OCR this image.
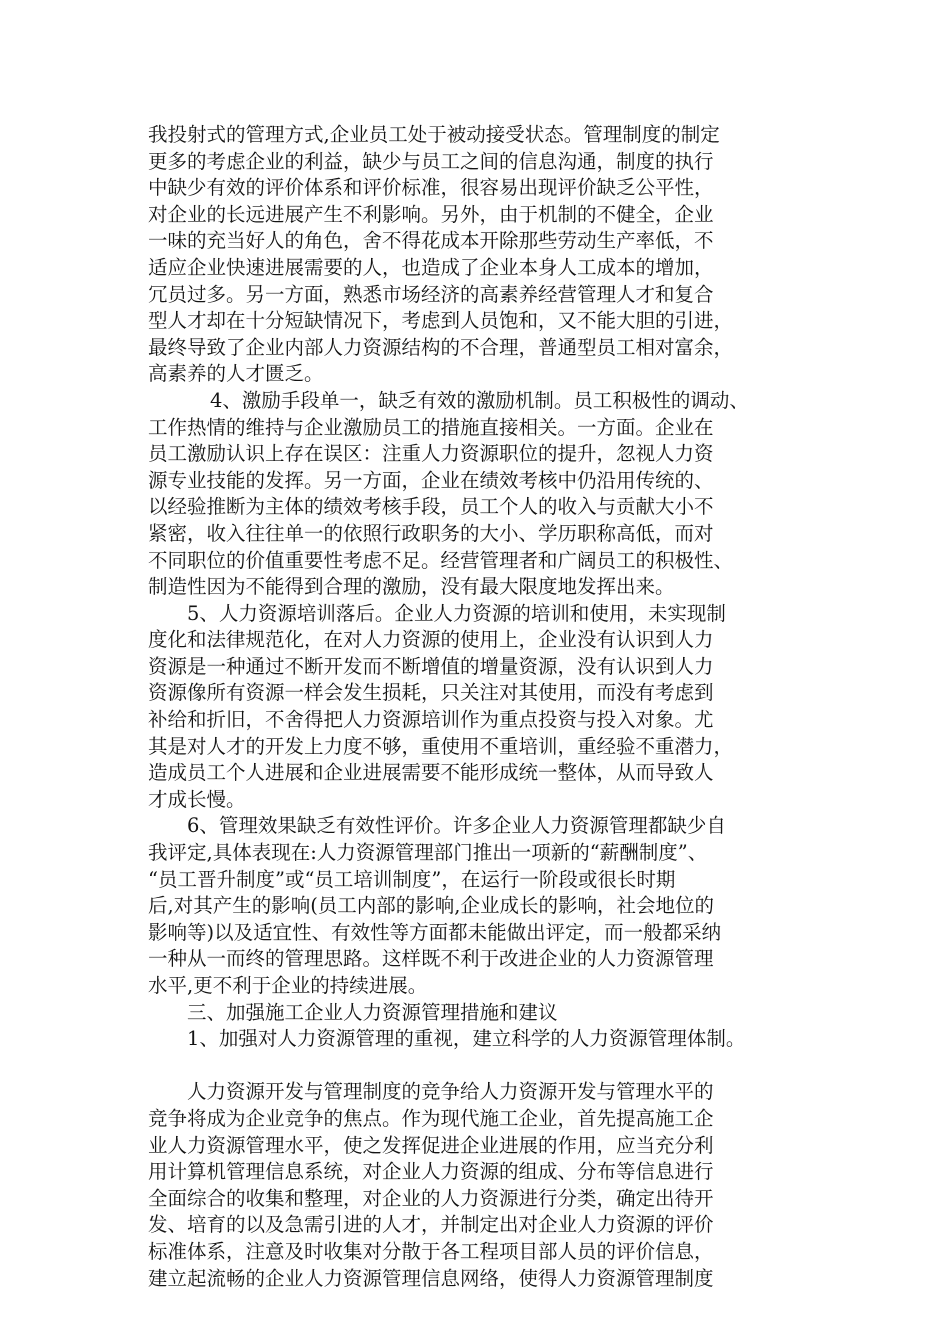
我投射式的管理方式,企业员工处于被动接受状态。管理制度的制定
更多的考虑企业的利益，缺少与员工之间的信息沟通，制度的执行
中缺少有效的评价体系和评价标准，很容易出现评价缺乏公平性，
对企业的长远进展产生不利影响。另外，由于机制的不健全，企业
一味的充当好人的角色，舍不得花成本开除那些劳动生产率低，不
适应企业快速进展需要的人，也造成了企业本身人工成本的增加，
冗员过多。另一方面，熟悉市场经济的高素养经营管理人才和复合
型人才却在十分短缺情况下，考虑到人员饱和，又不能大胆的引进，
最终导致了企业内部人力资源结构的不合理，普通型员工相对富余，
高素养的人才匮乏。
4、激励手段单一，缺乏有效的激励机制。员工积极性的调动、
工作热情的维持与企业激励员工的措施直接相关。一方面。企业在
员工激励认识上存在误区：注重人力资源职位的提升，忽视人力资
源专业技能的发挥。另一方面，企业在绩效考核中仍沿用传统的、
以经验推断为主体的绩效考核手段，员工个人的收入与贡献大小不
紧密，收入往往单一的依照行政职务的大小、学历职称高低，而对
不同职位的价值重要性考虑不足。经营管理者和广阔员工的积极性、
制造性因为不能得到合理的激励，没有最大限度地发挥出来。
5、人力资源培训落后。企业人力资源的培训和使用，未实现制
度化和法律规范化，在对人力资源的使用上，企业没有认识到人力
资源是一种通过不断开发而不断增值的增量资源，没有认识到人力
资源像所有资源一样会发生损耗，只关注对其使用，而没有考虑到
补给和折旧，不舍得把人力资源培训作为重点投资与投入对象。尤
其是对人才的开发上力度不够，重使用不重培训，重经验不重潜力，
造成员工个人进展和企业进展需要不能形成统一整体，从而导致人
才成长慢。
6、管理效果缺乏有效性评价。许多企业人力资源管理都缺少自
我评定,具体表现在:人力资源管理部门推出一项新的“薪酬制度”、
“员工晋升制度”或“员工培训制度”，在运行一阶段或很长时期
后,对其产生的影响(员工内部的影响,企业成长的影响，社会地位的
影响等)以及适宜性、有效性等方面都未能做出评定，而一般都采纳
一种从一而终的管理思路。这样既不利于改进企业的人力资源管理
水平,更不利于企业的持续进展。
三、加强施工企业人力资源管理措施和建议
1、加强对人力资源管理的重视，建立科学的人力资源管理体制。
人力资源开发与管理制度的竞争给人力资源开发与管理水平的
竞争将成为企业竞争的焦点。作为现代施工企业，首先提高施工企
业人力资源管理水平，使之发挥促进企业进展的作用，应当充分利
用计算机管理信息系统，对企业人力资源的组成、分布等信息进行
全面综合的收集和整理，对企业的人力资源进行分类，确定出待开
发、培育的以及急需引进的人才，并制定出对企业人力资源的评价
标准体系，注意及时收集对分散于各工程项目部人员的评价信息，
建立起流畅的企业人力资源管理信息网络，使得人力资源管理制度
